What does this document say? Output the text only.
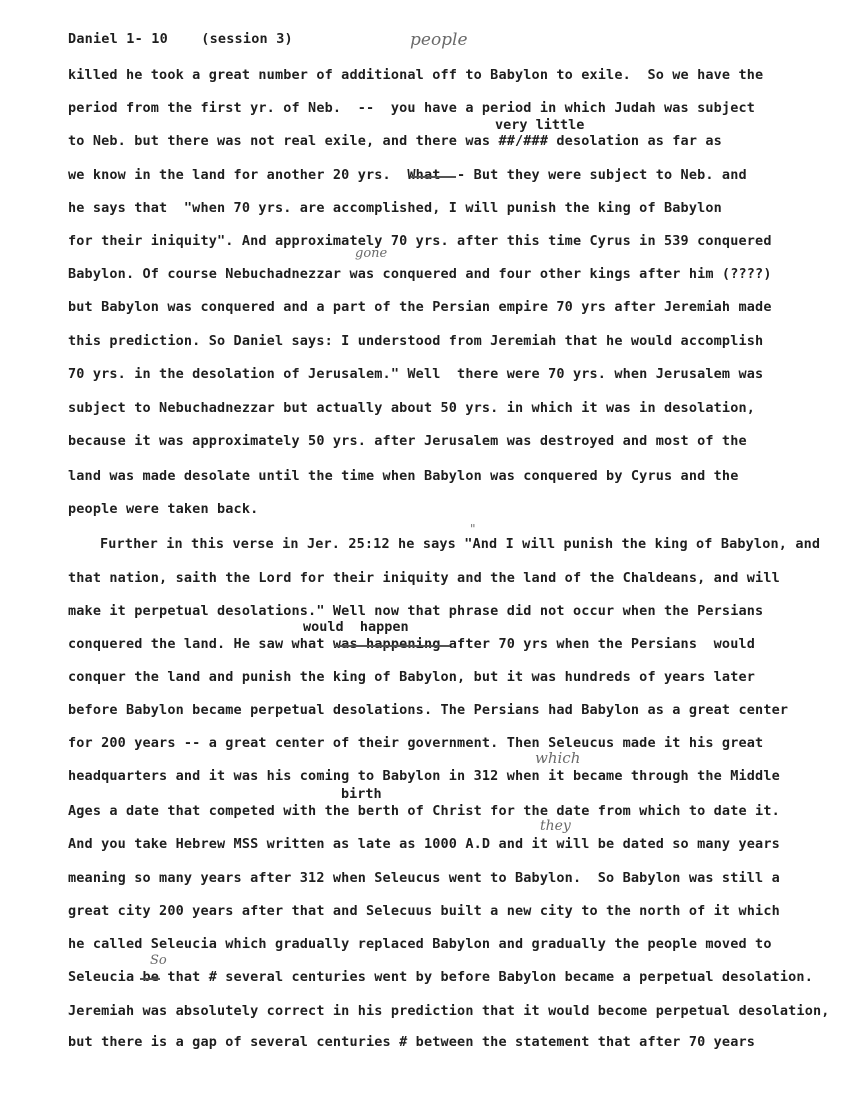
Daniel 1- 10    (session 3)
killed he took a great number of additional off to Babylon to exile.  So we have the
period from the first yr. of Neb.  --  you have a period in which Judah was subject
to Neb. but there was not real exile, and there was ##/### desolation as far as
we know in the land for another 20 yrs.  What  - But they were subject to Neb. and
he says that  "when 70 yrs. are accomplished, I will punish the king of Babylon
for their iniquity". And approximately 70 yrs. after this time Cyrus in 539 conquered
Babylon. Of course Nebuchadnezzar was conquered and four other kings after him (????)
but Babylon was conquered and a part of the Persian empire 70 yrs after Jeremiah made
this prediction. So Daniel says: I understood from Jeremiah that he would accomplish
70 yrs. in the desolation of Jerusalem." Well  there were 70 yrs. when Jerusalem was
subject to Nebuchadnezzar but actually about 50 yrs. in which it was in desolation,
because it was approximately 50 yrs. after Jerusalem was destroyed and most of the
land was made desolate until the time when Babylon was conquered by Cyrus and the
people were taken back.
Further in this verse in Jer. 25:12 he says "And I will punish the king of Babylon, and
that nation, saith the Lord for their iniquity and the land of the Chaldeans, and will
make it perpetual desolations." Well now that phrase did not occur when the Persians
conquered the land. He saw what was happening after 70 yrs when the Persians  would
conquer the land and punish the king of Babylon, but it was hundreds of years later
before Babylon became perpetual desolations. The Persians had Babylon as a great center
for 200 years -- a great center of their government. Then Seleucus made it his great
headquarters and it was his coming to Babylon in 312 when it became through the Middle
Ages a date that competed with the berth of Christ for the date from which to date it.
And you take Hebrew MSS written as late as 1000 A.D and it will be dated so many years
meaning so many years after 312 when Seleucus went to Babylon.  So Babylon was still a
great city 200 years after that and Selecuus built a new city to the north of it which
he called Seleucia which gradually replaced Babylon and gradually the people moved to
Seleucia be that # several centuries went by before Babylon became a perpetual desolation.
Jeremiah was absolutely correct in his prediction that it would become perpetual desolation,
but there is a gap of several centuries # between the statement that after 70 years
very little
would  happen
birth
people
gone
which
they
So
"
